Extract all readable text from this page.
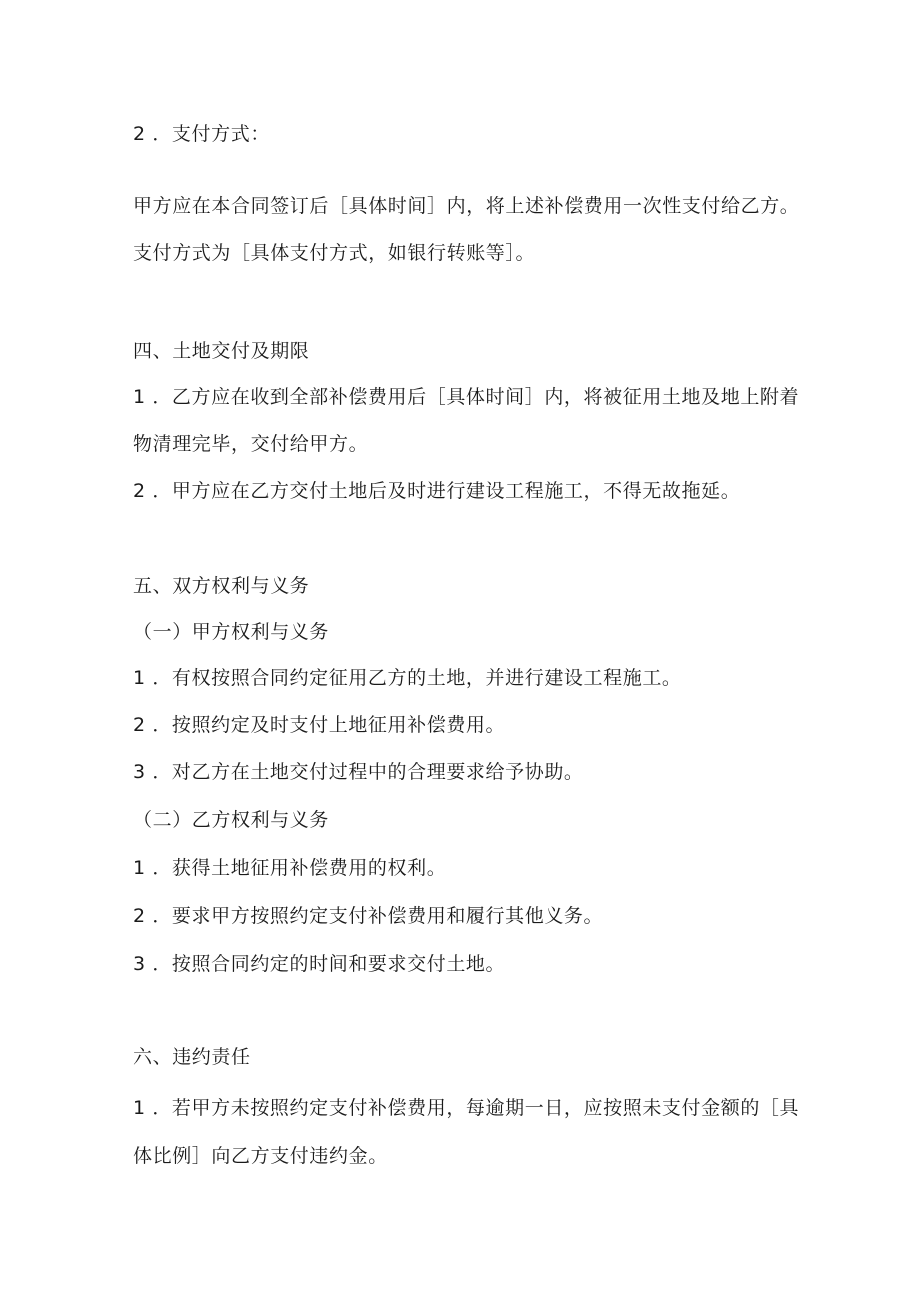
2 ．支付方式：
甲方应在本合同签订后［具体时间］内，将上述补偿费用一次性支付给乙方。
支付方式为［具体支付方式，如银行转账等］。
四、土地交付及期限
1 ．乙方应在收到全部补偿费用后［具体时间］内，将被征用土地及地上附着
物清理完毕，交付给甲方。
2 ．甲方应在乙方交付土地后及时进行建设工程施工，不得无故拖延。
五、双方权利与义务
（一）甲方权利与义务
1 ．有权按照合同约定征用乙方的土地，并进行建设工程施工。
2 ．按照约定及时支付上地征用补偿费用。
3 ．对乙方在土地交付过程中的合理要求给予协助。
（二）乙方权利与义务
1 ．获得土地征用补偿费用的权利。
2 ．要求甲方按照约定支付补偿费用和履行其他义务。
3 ．按照合同约定的时间和要求交付土地。
六、违约责任
1 ．若甲方未按照约定支付补偿费用，每逾期一日，应按照未支付金额的［具
体比例］向乙方支付违约金。
